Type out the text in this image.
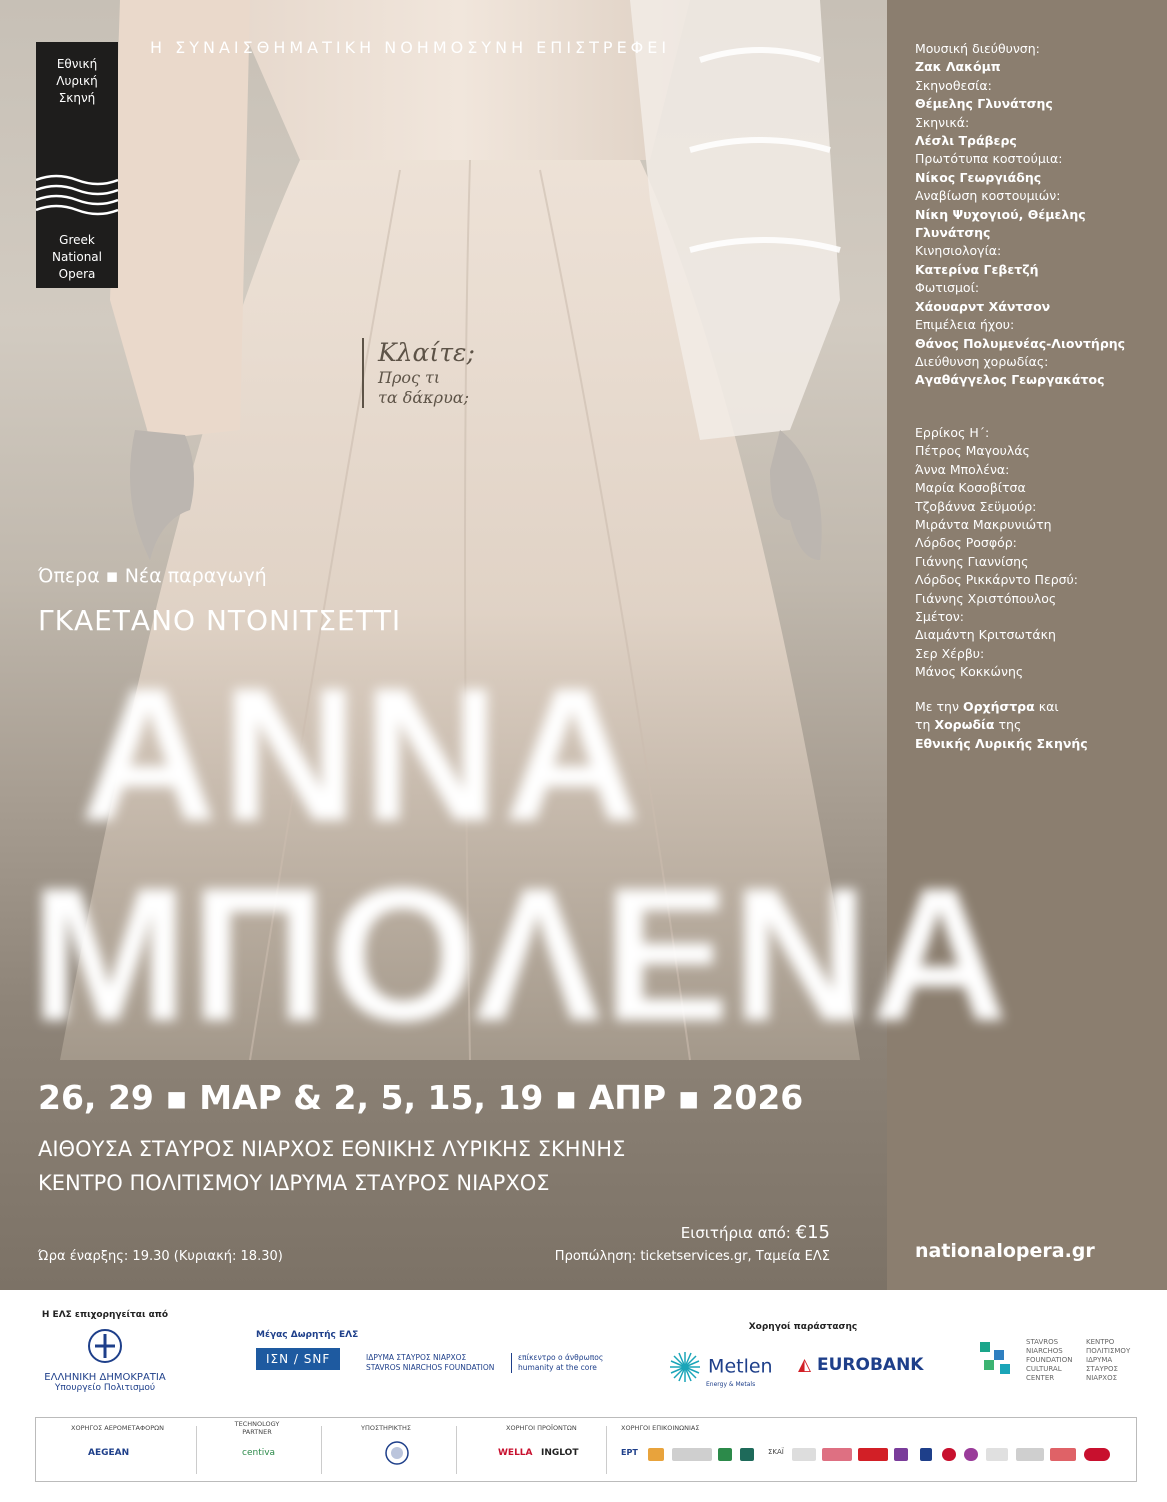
Η ΣΥΝΑΙΣΘΗΜΑΤΙΚΗ ΝΟΗΜΟΣΥΝΗ ΕΠΙΣΤΡΕΦΕΙ
Εθνική
Λυρική
Σκηνή
Greek
National
Opera
Κλαίτε;
Προς τι
τα δάκρυα;
Όπερα ▪ Νέα παραγωγή
ΓΚΑΕΤΑΝΟ ΝΤΟΝΙΤΣΕΤΤΙ
ΑΝΝΑ
ΜΠΟΛΕΝΑ
26, 29 ▪ ΜΑΡ & 2, 5, 15, 19 ▪ ΑΠΡ ▪ 2026
ΑΙΘΟΥΣΑ ΣΤΑΥΡΟΣ ΝΙΑΡΧΟΣ ΕΘΝΙΚΗΣ ΛΥΡΙΚΗΣ ΣΚΗΝΗΣ
ΚΕΝΤΡΟ ΠΟΛΙΤΙΣΜΟΥ ΙΔΡΥΜΑ ΣΤΑΥΡΟΣ ΝΙΑΡΧΟΣ
Εισιτήρια από: €15
Προπώληση: ticketservices.gr, Ταμεία ΕΛΣ
Ώρα έναρξης: 19.30 (Κυριακή: 18.30)
Μουσική διεύθυνση:
Ζακ Λακόμπ
Σκηνοθεσία:
Θέμελης Γλυνάτσης
Σκηνικά:
Λέσλι Τράβερς
Πρωτότυπα κοστούμια:
Νίκος Γεωργιάδης
Αναβίωση κοστουμιών:
Νίκη Ψυχογιού, Θέμελης Γλυνάτσης
Κινησιολογία:
Κατερίνα Γεβετζή
Φωτισμοί:
Χάουαρντ Χάντσον
Επιμέλεια ήχου:
Θάνος Πολυμενέας-Λιοντήρης
Διεύθυνση χορωδίας:
Αγαθάγγελος Γεωργακάτος
Ερρίκος Η΄:
Πέτρος Μαγουλάς
Άννα Μπολένα:
Μαρία Κοσοβίτσα
Τζοβάννα Σεϋμούρ:
Μιράντα Μακρυνιώτη
Λόρδος Ροσφόρ:
Γιάννης Γιαννίσης
Λόρδος Ρικκάρντο Περσύ:
Γιάννης Χριστόπουλος
Σμέτον:
Διαμάντη Κριτσωτάκη
Σερ Χέρβυ:
Μάνος Κοκκώνης
Με την Ορχήστρα και
τη Χορωδία της
Εθνικής Λυρικής Σκηνής
nationalopera.gr
Η ΕΛΣ επιχορηγείται από
ΕΛΛΗΝΙΚΗ ΔΗΜΟΚΡΑΤΙΑ
Υπουργείο Πολιτισμού
Μέγας Δωρητής ΕΛΣ
ΙΣΝ / SNF	ΙΔΡΥΜΑ ΣΤΑΥΡΟΣ ΝΙΑΡΧΟΣ
STAVROS NIARCHOS FOUNDATION
επίκεντρο ο άνθρωπος
humanity at the core
Χορηγοί παράστασης
Metlen
Energy & Metals
◭ EUROBANK
STAVROS
NIARCHOS
FOUNDATION
CULTURAL
CENTER
ΚΕΝΤΡΟ
ΠΟΛΙΤΙΣΜΟΥ
ΙΔΡΥΜΑ
ΣΤΑΥΡΟΣ
ΝΙΑΡΧΟΣ
ΧΟΡΗΓΟΣ ΑΕΡΟΜΕΤΑΦΟΡΩΝ
AEGEAN
TECHNOLOGY PARTNER
centiva
ΥΠΟΣΤΗΡΙΚΤΗΣ	ΧΟΡΗΓΟΙ ΠΡΟΪΟΝΤΩΝ
WELLA INGLOT
ΧΟΡΗΓΟΙ ΕΠΙΚΟΙΝΩΝΙΑΣ
ΕΡΤ	ΣΚΑΪ
